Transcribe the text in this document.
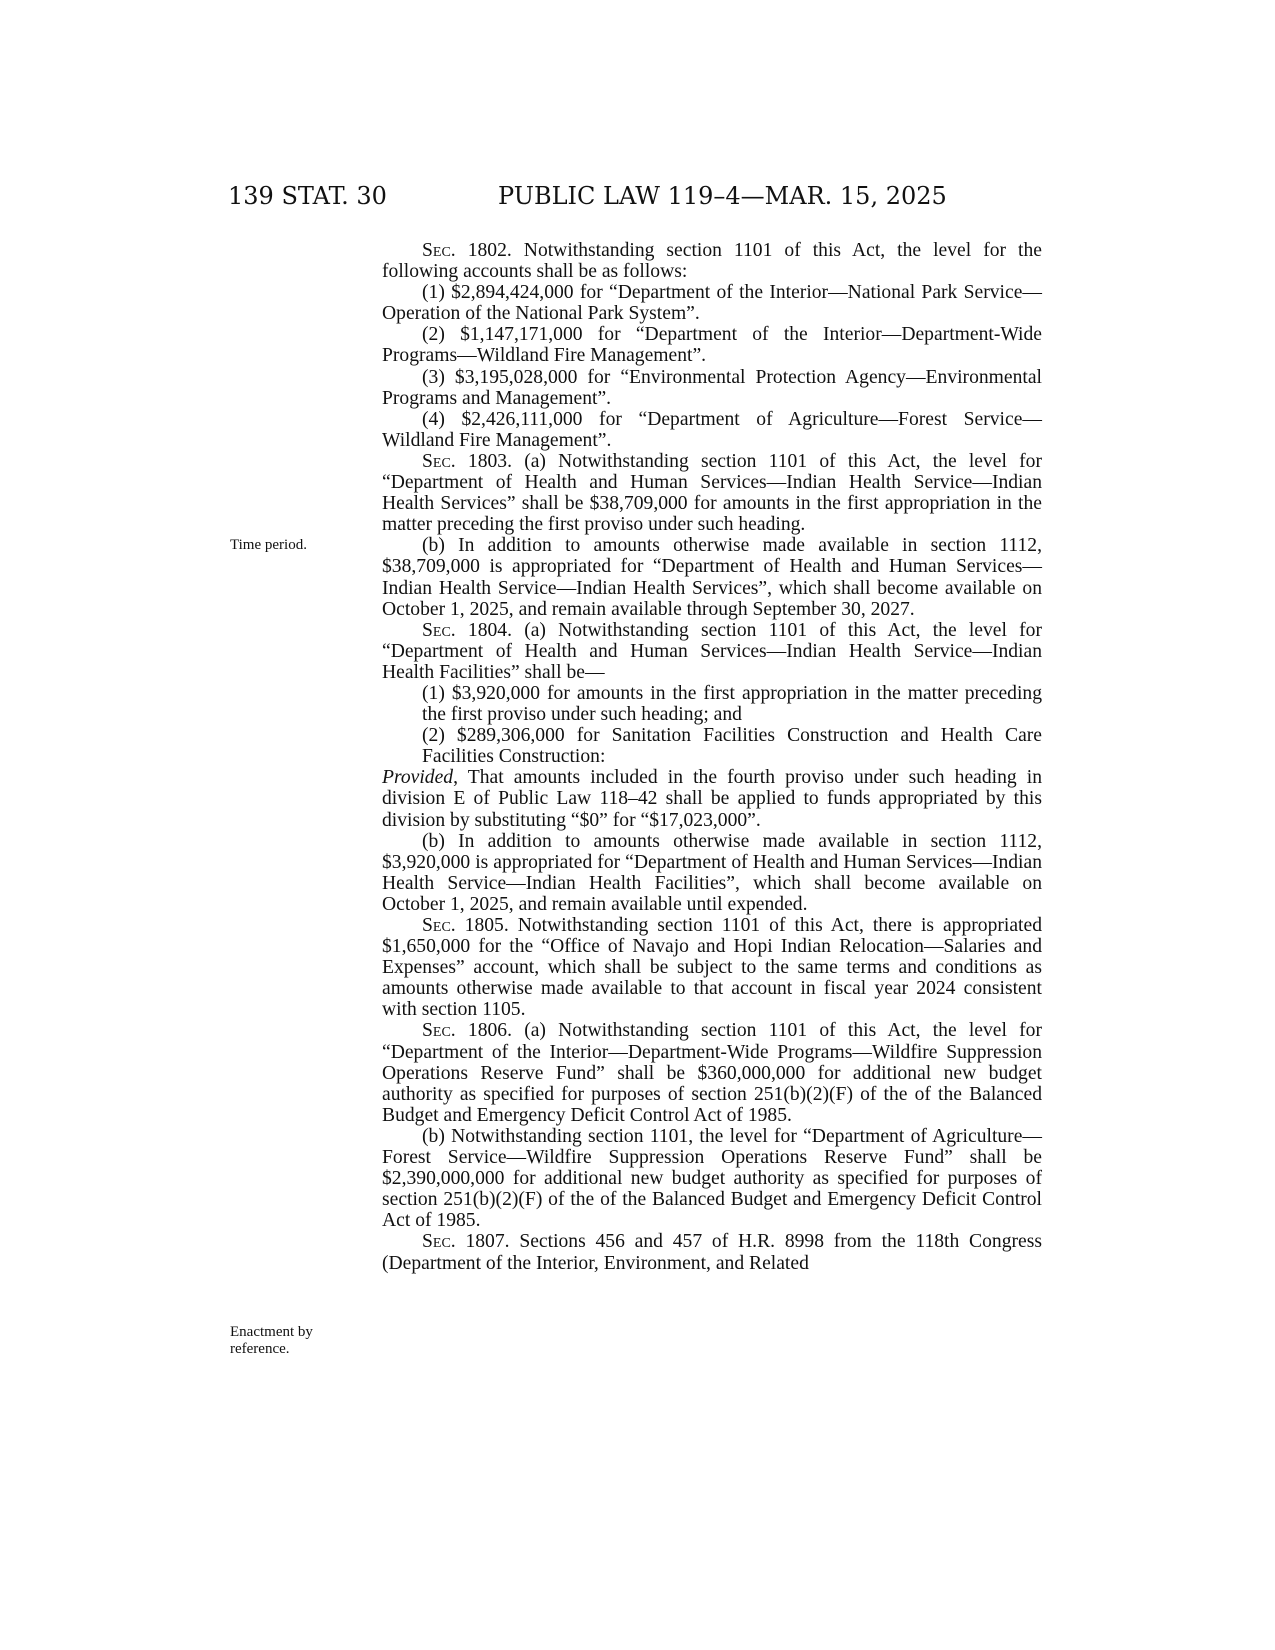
139 STAT. 30	PUBLIC LAW 119–4—MAR. 15, 2025
Time period.
Enactment by
reference.

Sec. 1802. Notwithstanding section 1101 of this Act, the level for the following accounts shall be as follows:

(1) $2,894,424,000 for “Department of the Interior—National Park Service—Operation of the National Park System”.

(2) $1,147,171,000 for “Department of the Interior—Department-Wide Programs—Wildland Fire Management”.

(3) $3,195,028,000 for “Environmental Protection Agency—Environmental Programs and Management”.

(4) $2,426,111,000 for “Department of Agriculture—Forest Service—Wildland Fire Management”.

Sec. 1803. (a) Notwithstanding section 1101 of this Act, the level for “Department of Health and Human Services—Indian Health Service—Indian Health Services” shall be $38,709,000 for amounts in the first appropriation in the matter preceding the first proviso under such heading.

(b) In addition to amounts otherwise made available in section 1112, $38,709,000 is appropriated for “Department of Health and Human Services—Indian Health Service—Indian Health Services”, which shall become available on October 1, 2025, and remain available through September 30, 2027.

Sec. 1804. (a) Notwithstanding section 1101 of this Act, the level for “Department of Health and Human Services—Indian Health Service—Indian Health Facilities” shall be—

(1) $3,920,000 for amounts in the first appropriation in the matter preceding the first proviso under such heading; and

(2) $289,306,000 for Sanitation Facilities Construction and Health Care Facilities Construction:

Provided, That amounts included in the fourth proviso under such heading in division E of Public Law 118–42 shall be applied to funds appropriated by this division by substituting “$0” for “$17,023,000”.

(b) In addition to amounts otherwise made available in section 1112, $3,920,000 is appropriated for “Department of Health and Human Services—Indian Health Service—Indian Health Facilities”, which shall become available on October 1, 2025, and remain available until expended.

Sec. 1805. Notwithstanding section 1101 of this Act, there is appropriated $1,650,000 for the “Office of Navajo and Hopi Indian Relocation—Salaries and Expenses” account, which shall be subject to the same terms and conditions as amounts otherwise made available to that account in fiscal year 2024 consistent with section 1105.

Sec. 1806. (a) Notwithstanding section 1101 of this Act, the level for “Department of the Interior—Department-Wide Programs—Wildfire Suppression Operations Reserve Fund” shall be $360,000,000 for additional new budget authority as specified for purposes of section 251(b)(2)(F) of the of the Balanced Budget and Emergency Deficit Control Act of 1985.

(b) Notwithstanding section 1101, the level for “Department of Agriculture—Forest Service—Wildfire Suppression Operations Reserve Fund” shall be $2,390,000,000 for additional new budget authority as specified for purposes of section 251(b)(2)(F) of the of the Balanced Budget and Emergency Deficit Control Act of 1985.

Sec. 1807. Sections 456 and 457 of H.R. 8998 from the 118th Congress (Department of the Interior, Environment, and Related
